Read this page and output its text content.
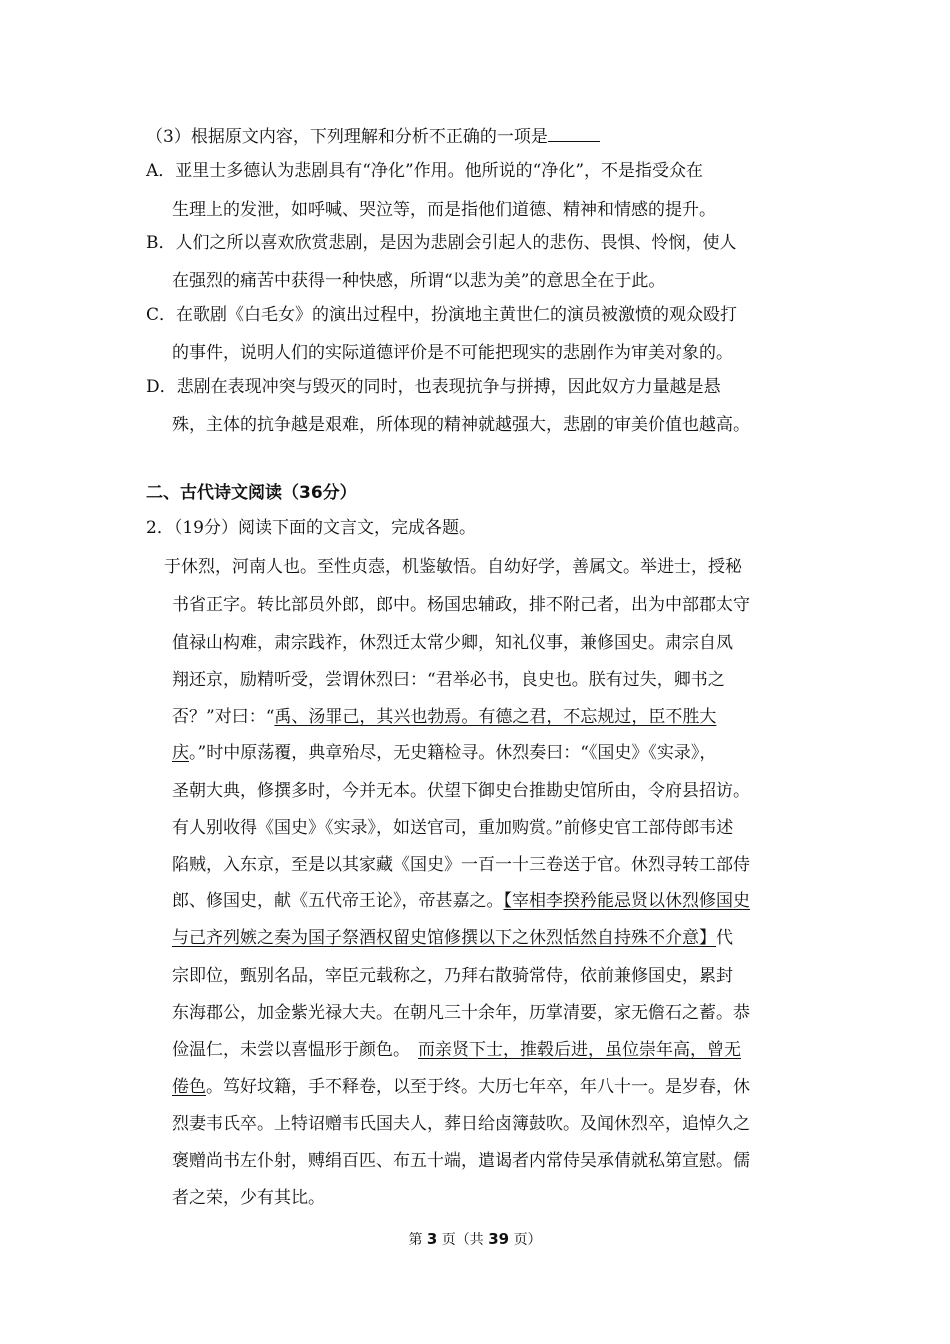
（3）根据原文内容，下列理解和分析不正确的一项是
A．亚里士多德认为悲剧具有“净化”作用。他所说的“净化”，不是指受众在
生理上的发泄，如呼喊、哭泣等，而是指他们道德、精神和情感的提升。
B．人们之所以喜欢欣赏悲剧，是因为悲剧会引起人的悲伤、畏惧、怜悯，使人
在强烈的痛苦中获得一种快感，所谓“以悲为美”的意思全在于此。
C．在歌剧《白毛女》的演出过程中，扮演地主黄世仁的演员被激愤的观众殴打
的事件，说明人们的实际道德评价是不可能把现实的悲剧作为审美对象的。
D．悲剧在表现冲突与毁灭的同时，也表现抗争与拼搏，因此奴方力量越是悬
殊，主体的抗争越是艰难，所体现的精神就越强大，悲剧的审美价值也越高。
二、古代诗文阅读（36分）
2．（19分）阅读下面的文言文，完成各题。
于休烈，河南人也。至性贞悫，机鉴敏悟。自幼好学，善属文。举进士，授秘
书省正字。转比部员外郎，郎中。杨国忠辅政，排不附己者，出为中部郡太守
值禄山构难，肃宗践祚，休烈迁太常少卿，知礼仪事，兼修国史。肃宗自凤
翔还京，励精听受，尝谓休烈曰：“君举必书，良史也。朕有过失，卿书之
否？”对曰：“禹、汤罪己，其兴也勃焉。有德之君，不忘规过，臣不胜大
庆。”时中原荡覆，典章殆尽，无史籍检寻。休烈奏曰：“《国史》《实录》，
圣朝大典，修撰多时，今并无本。伏望下御史台推勘史馆所由，令府县招访。
有人别收得《国史》《实录》，如送官司，重加购赏。”前修史官工部侍郎韦述
陷贼，入东京，至是以其家藏《国史》一百一十三卷送于官。休烈寻转工部侍
郎、修国史，献《五代帝王论》，帝甚嘉之。【宰相李揆矜能忌贤以休烈修国史
与己齐列嫉之奏为国子祭酒权留史馆修撰以下之休烈恬然自持殊不介意】代
宗即位，甄别名品，宰臣元载称之，乃拜右散骑常侍，依前兼修国史，累封
东海郡公，加金紫光禄大夫。在朝凡三十余年，历掌清要，家无儋石之蓄。恭
俭温仁，未尝以喜愠形于颜色。 而亲贤下士，推毂后进，虽位崇年高，曾无
倦色。笃好坟籍，手不释卷，以至于终。大历七年卒，年八十一。是岁春，休
烈妻韦氏卒。上特诏赠韦氏国夫人，葬日给卤簿鼓吹。及闻休烈卒，追悼久之
褒赠尚书左仆射，赙绢百匹、布五十端，遣谒者内常侍吴承倩就私第宣慰。儒
者之荣，少有其比。
第 3 页（共 39 页）
